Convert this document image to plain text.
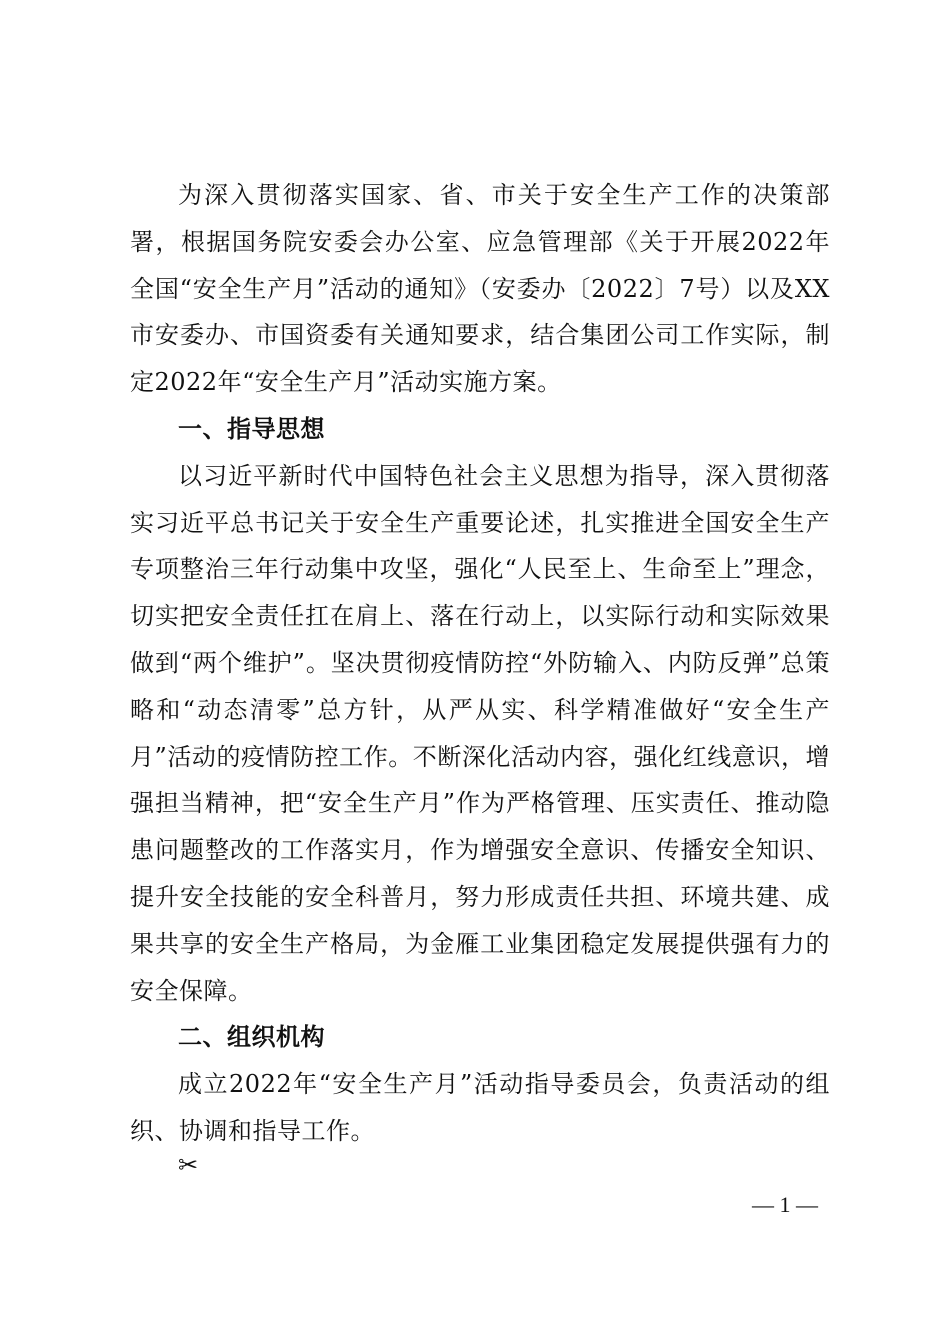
为深入贯彻落实国家、省、市关于安全生产工作的决策部署，根据国务院安委会办公室、应急管理部《关于开展2022年全国“安全生产月”活动的通知》（安委办〔2022〕7号）以及XX市安委办、市国资委有关通知要求，结合集团公司工作实际，制定2022年“安全生产月”活动实施方案。

一、指导思想

以习近平新时代中国特色社会主义思想为指导，深入贯彻落实习近平总书记关于安全生产重要论述，扎实推进全国安全生产专项整治三年行动集中攻坚，强化“人民至上、生命至上”理念，切实把安全责任扛在肩上、落在行动上，以实际行动和实际效果做到“两个维护”。坚决贯彻疫情防控“外防输入、内防反弹”总策略和“动态清零”总方针，从严从实、科学精准做好“安全生产月”活动的疫情防控工作。不断深化活动内容，强化红线意识，增强担当精神，把“安全生产月”作为严格管理、压实责任、推动隐患问题整改的工作落实月，作为增强安全意识、传播安全知识、提升安全技能的安全科普月，努力形成责任共担、环境共建、成果共享的安全生产格局，为金雁工业集团稳定发展提供强有力的安全保障。

二、组织机构

成立2022年“安全生产月”活动指导委员会，负责活动的组织、协调和指导工作。

✂
— 1 —
